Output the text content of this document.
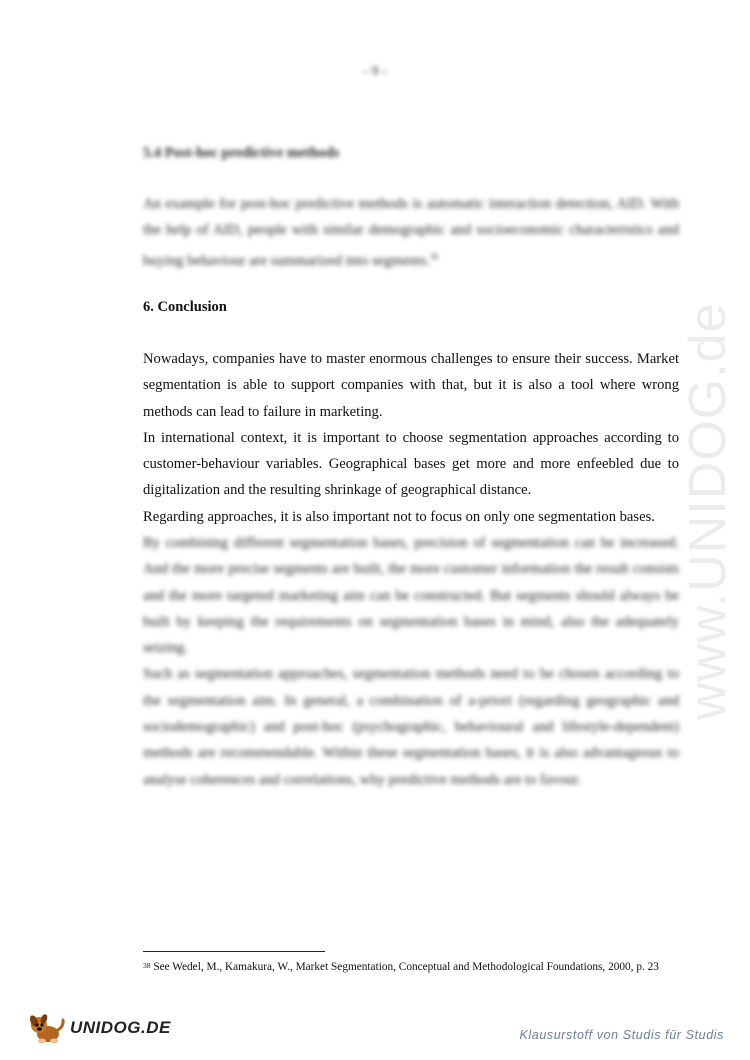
- 9 -
5.4 Post-hoc predictive methods
An example for post-hoc predictive methods is automatic interaction detection, AID. With the help of AID, people with similar demographic and socioeconomic characteristics and buying behaviour are summarized into segments.$^{38}$
6. Conclusion

Nowadays, companies have to master enormous challenges to ensure their success. Market segmentation is able to support companies with that, but it is also a tool where wrong methods can lead to failure in marketing.

In international context, it is important to choose segmentation approaches according to customer-behaviour variables. Geographical bases get more and more enfeebled due to digitalization and the resulting shrinkage of geographical distance.

Regarding approaches, it is also important not to focus on only one segmentation bases.

By combining different segmentation bases, precision of segmentation can be increased. And the more precise segments are built, the more customer information the result consists and the more targeted marketing aim can be constructed. But segments should always be built by keeping the requirements on segmentation bases in mind, also the adequately seizing.

Such as segmentation approaches, segmentation methods need to be chosen according to the segmentation aim. In general, a combination of a-priori (regarding geographic and sociodemographic) and post-hoc (psychographic, behavioural and lifestyle-dependent) methods are recommendable. Within these segmentation bases, it is also advantageous to analyse coherences and correlations, why predictive methods are to favour.

www.UNIDOG.de
$^{38}$ See Wedel, M., Kamakura, W., Market Segmentation, Conceptual and Methodological Foundations, 2000, p. 23
UNIDOG.DE	Klausurstoff von Studis für Studis
